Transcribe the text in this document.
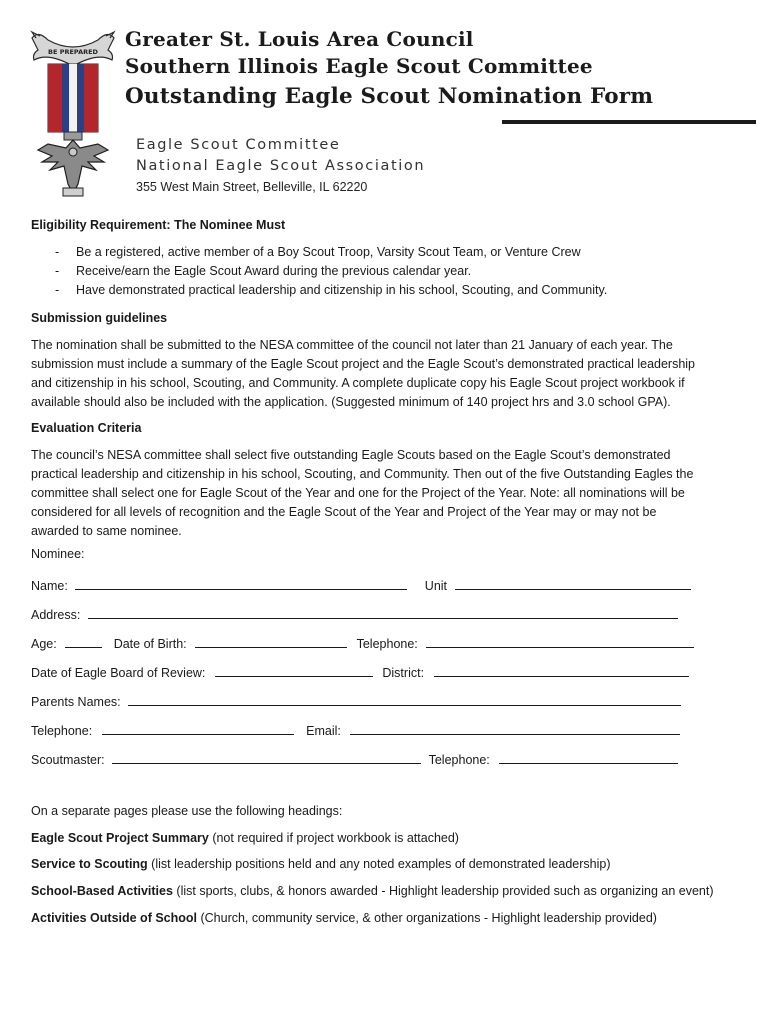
BE PREPARED
Greater St. Louis Area Council
Southern Illinois Eagle Scout Committee
Outstanding Eagle Scout Nomination Form
Eagle Scout Committee
National Eagle Scout Association
355 West Main Street, Belleville, IL 62220
Eligibility Requirement: The Nominee Must
- Be a registered, active member of a Boy Scout Troop, Varsity Scout Team, or Venture Crew
- Receive/earn the Eagle Scout Award during the previous calendar year.
- Have demonstrated practical leadership and citizenship in his school, Scouting, and Community.
Submission guidelines

The nomination shall be submitted to the NESA committee of the council not later than 21 January of each year. The

submission must include a summary of the Eagle Scout project and the Eagle Scout’s demonstrated practical leadership

and citizenship in his school, Scouting, and Community. A complete duplicate copy his Eagle Scout project workbook if

available should also be included with the application. (Suggested minimum of 140 project hrs and 3.0 school GPA).

Evaluation Criteria

The council’s NESA committee shall select five outstanding Eagle Scouts based on the Eagle Scout’s demonstrated

practical leadership and citizenship in his school, Scouting, and Community. Then out of the five Outstanding Eagles the

committee shall select one for Eagle Scout of the Year and one for the Project of the Year. Note: all nominations will be

considered for all levels of recognition and the Eagle Scout of the Year and Project of the Year may or may not be

awarded to same nominee.

Nominee:
Name:	Unit
Address:
Age:	Date of Birth:	Telephone:
Date of Eagle Board of Review:	District:
Parents Names:
Telephone:	Email:
Scoutmaster:	Telephone:
On a separate pages please use the following headings:
Eagle Scout Project Summary (not required if project workbook is attached)
Service to Scouting (list leadership positions held and any noted examples of demonstrated leadership)
School-Based Activities (list sports, clubs, & honors awarded - Highlight leadership provided such as organizing an event)
Activities Outside of School (Church, community service, & other organizations - Highlight leadership provided)
